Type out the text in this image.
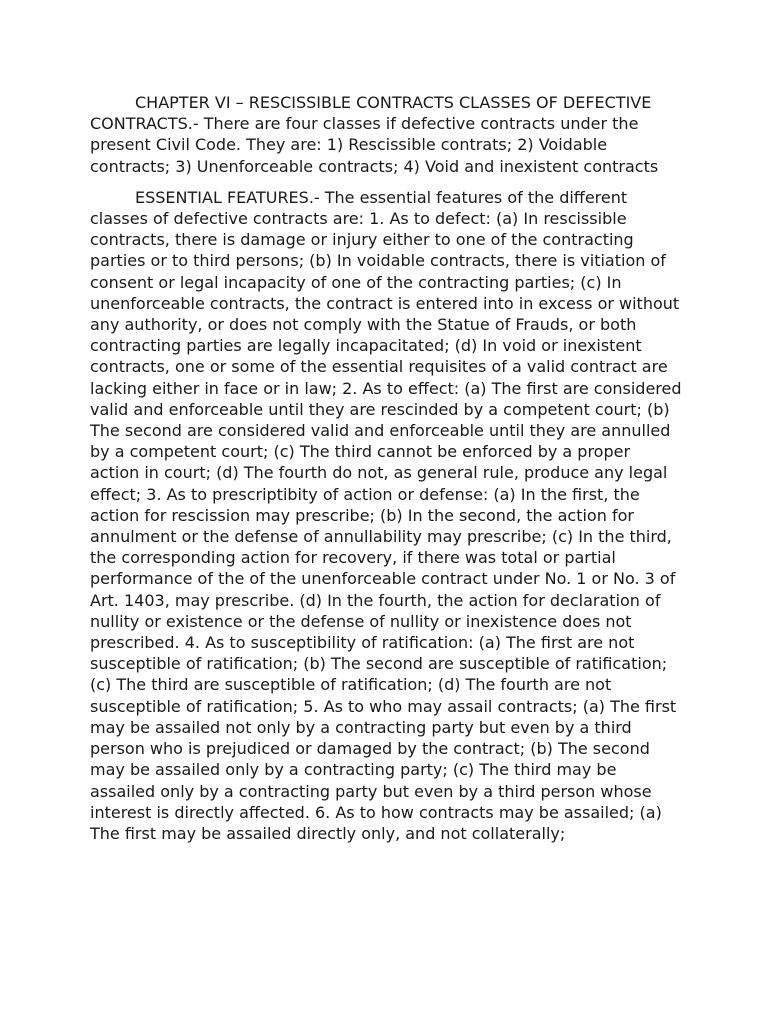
CHAPTER VI – RESCISSIBLE CONTRACTS CLASSES OF DEFECTIVE CONTRACTS.- There are four classes if defective contracts under the present Civil Code. They are: 1) Rescissible contrats; 2) Voidable contracts; 3) Unenforceable contracts; 4) Void and inexistent contracts

ESSENTIAL FEATURES.- The essential features of the different classes of defective contracts are: 1. As to defect: (a) In rescissible contracts, there is damage or injury either to one of the contracting parties or to third persons; (b) In voidable contracts, there is vitiation of consent or legal incapacity of one of the contracting parties; (c) In unenforceable contracts, the contract is entered into in excess or without any authority, or does not comply with the Statue of Frauds, or both contracting parties are legally incapacitated; (d) In void or inexistent contracts, one or some of the essential requisites of a valid contract are lacking either in face or in law; 2. As to effect: (a) The first are considered valid and enforceable until they are rescinded by a competent court; (b) The second are considered valid and enforceable until they are annulled by a competent court; (c) The third cannot be enforced by a proper action in court; (d) The fourth do not, as general rule, produce any legal effect; 3. As to prescriptibity of action or defense: (a) In the first, the action for rescission may prescribe; (b) In the second, the action for annulment or the defense of annullability may prescribe; (c) In the third, the corresponding action for recovery, if there was total or partial performance of the of the unenforceable contract under No. 1 or No. 3 of Art. 1403, may prescribe. (d) In the fourth, the action for declaration of nullity or existence or the defense of nullity or inexistence does not prescribed. 4. As to susceptibility of ratification: (a) The first are not susceptible of ratification; (b) The second are susceptible of ratification; (c) The third are susceptible of ratification; (d) The fourth are not susceptible of ratification; 5. As to who may assail contracts; (a) The first may be assailed not only by a contracting party but even by a third person who is prejudiced or damaged by the contract; (b) The second may be assailed only by a contracting party; (c) The third may be assailed only by a contracting party but even by a third person whose interest is directly affected. 6. As to how contracts may be assailed; (a) The first may be assailed directly only, and not collaterally;
